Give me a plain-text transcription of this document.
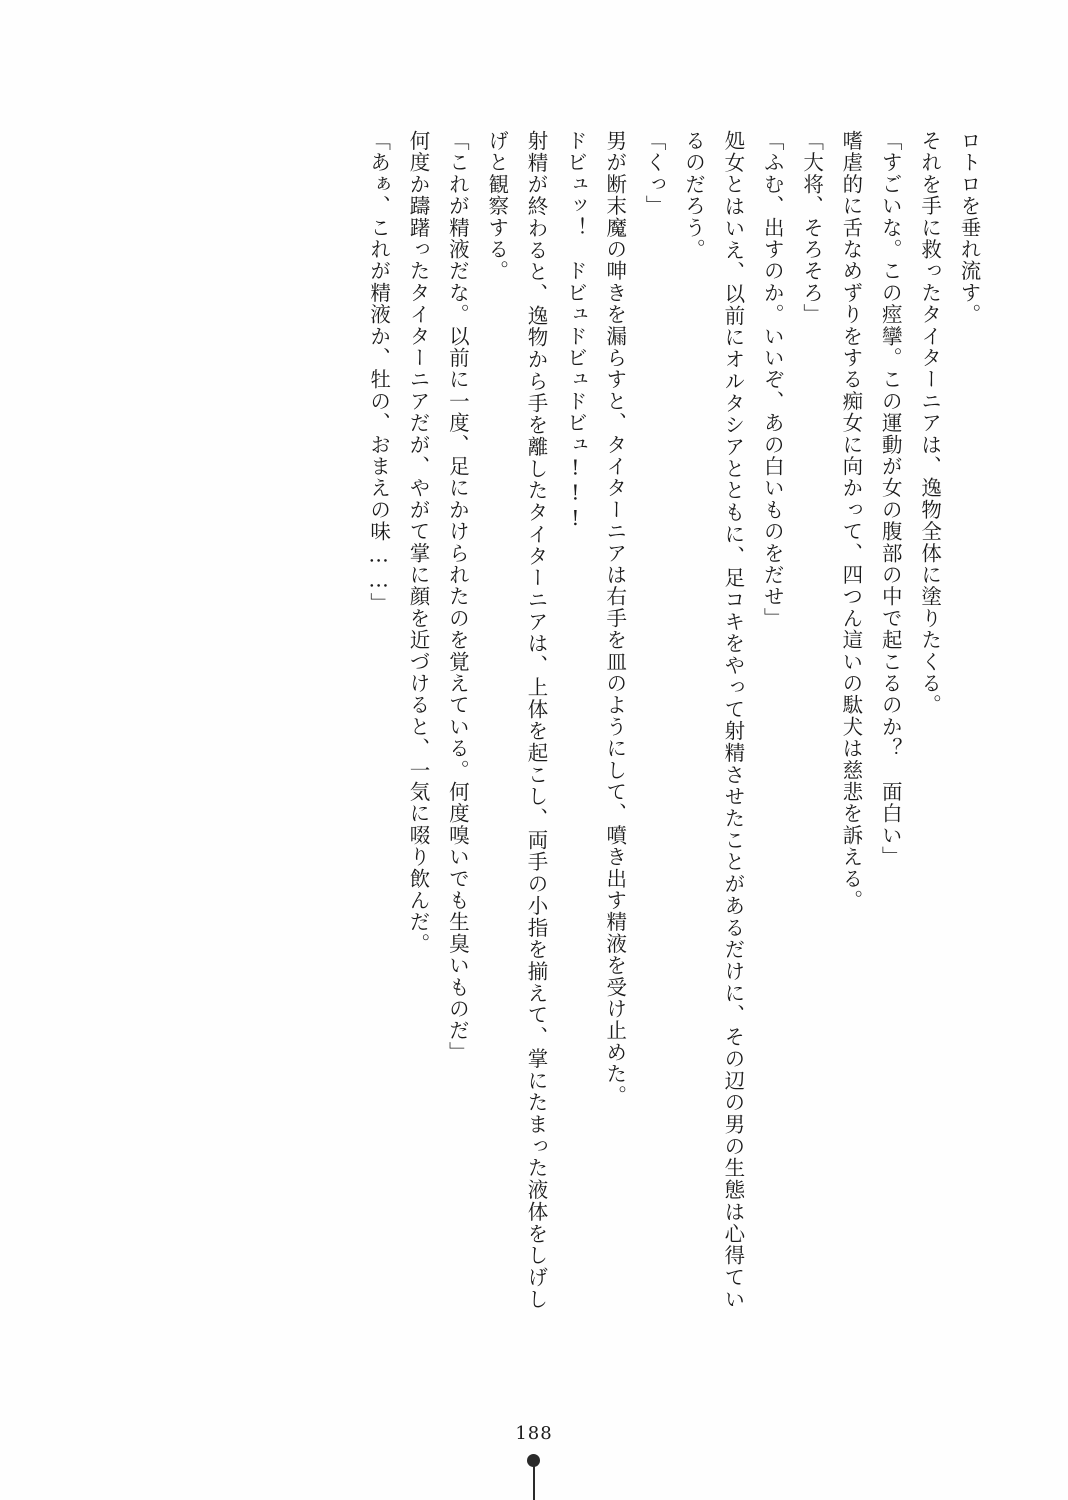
ロトロを垂れ流す。

それを手に救ったタイターニアは、逸物全体に塗りたくる。

「すごいな。この痙攣。この運動が女の腹部の中で起こるのか？　面白い」

嗜虐的に舌なめずりをする痴女に向かって、四つん這いの駄犬は慈悲を訴える。

「大将、そろそろ」

「ふむ、出すのか。いいぞ、あの白いものをだせ」

処女とはいえ、以前にオルタシアとともに、足コキをやって射精させたことがあるだけに、その辺の男の生態は心得ているのだろう。

「くっ」

男が断末魔の呻きを漏らすと、タイターニアは右手を皿のようにして、噴き出す精液を受け止めた。

ドビュッ！　ドビュドビュドビュ!!!

射精が終わると、逸物から手を離したタイターニアは、上体を起こし、両手の小指を揃えて、掌にたまった液体をしげしげと観察する。

「これが精液だな。以前に一度、足にかけられたのを覚えている。何度嗅いでも生臭いものだ」

何度か躊躇ったタイターニアだが、やがて掌に顔を近づけると、一気に啜り飲んだ。

「あぁ、これが精液か、牡の、おまえの味……」

188
